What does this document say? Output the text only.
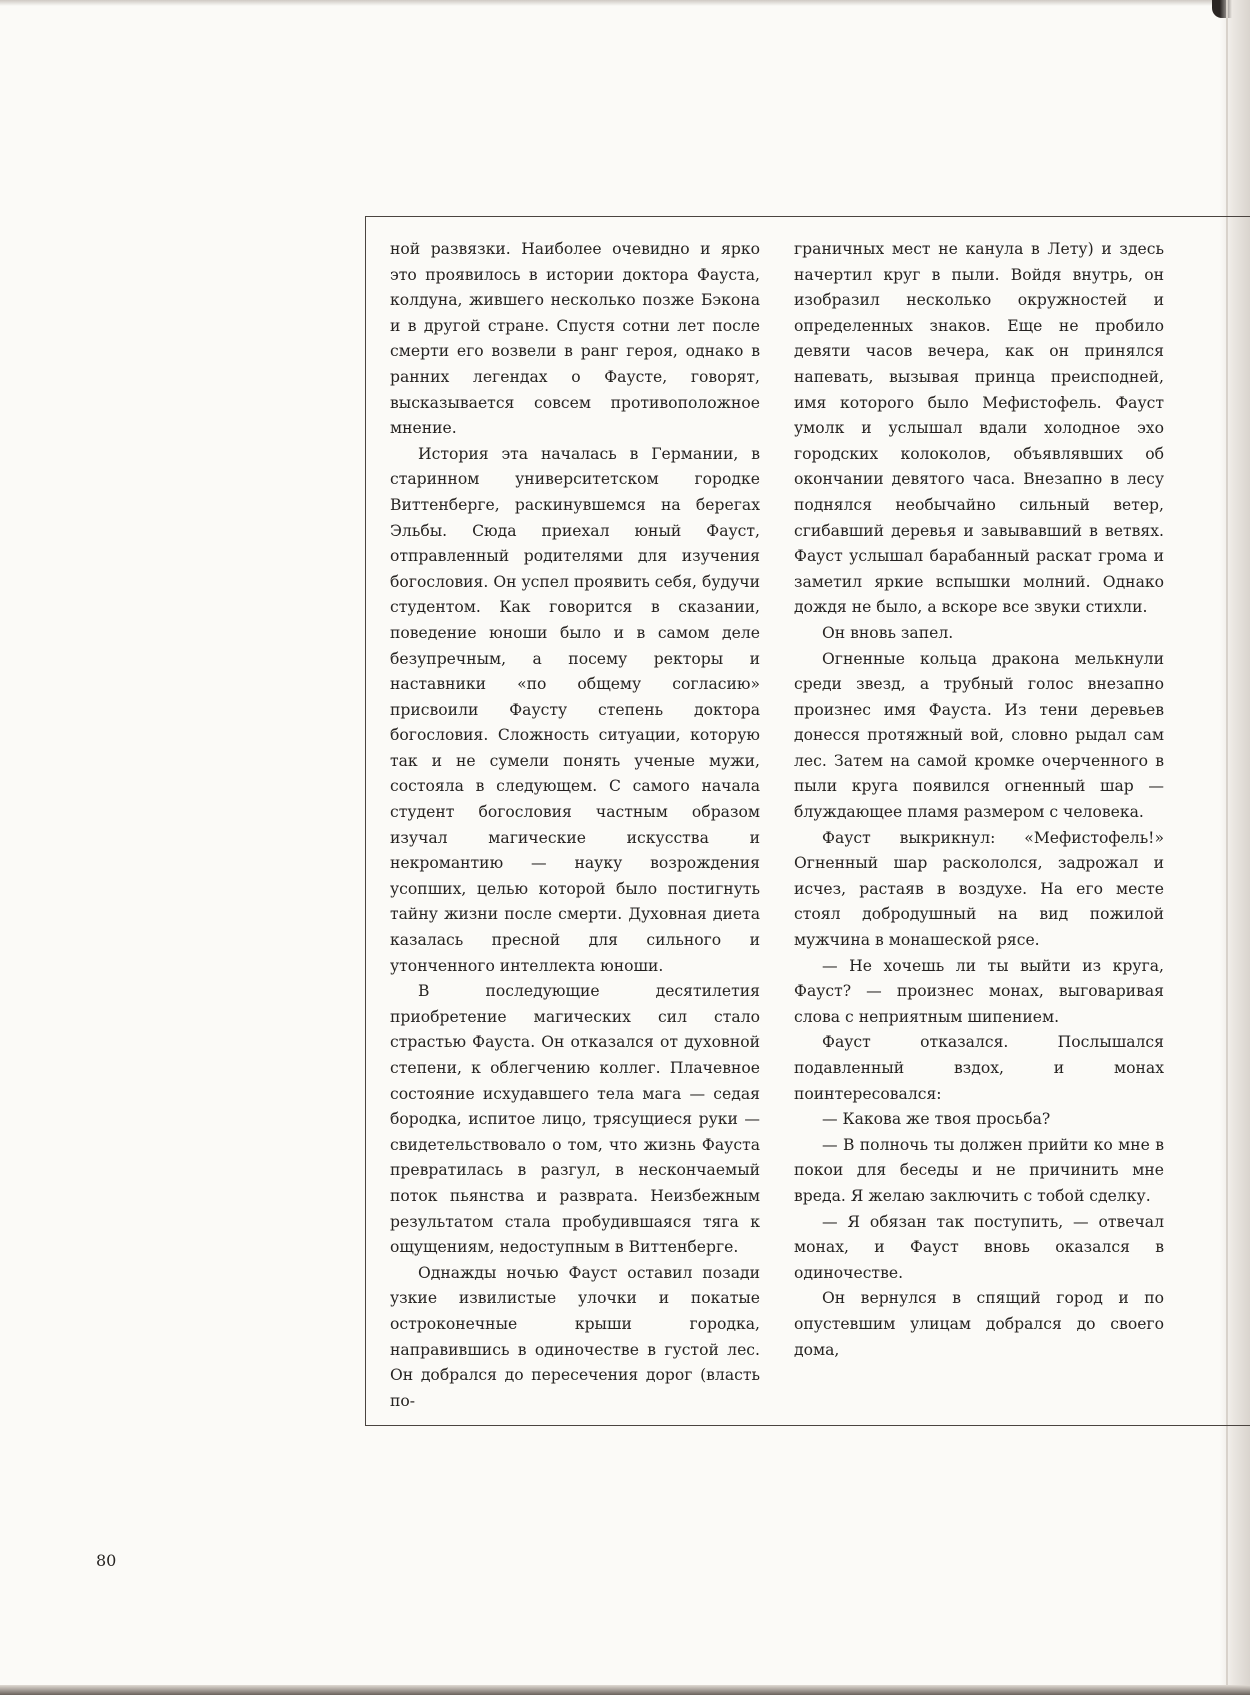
ной развязки. Наиболее очевидно и ярко это проявилось в истории доктора Фауста, колдуна, жившего несколько позже Бэкона и в другой стране. Спустя сотни лет после смерти его возвели в ранг героя, однако в ранних легендах о Фаусте, говорят, высказывается совсем противоположное мнение.

История эта началась в Германии, в старинном университетском городке Виттенберге, раскинувшемся на берегах Эльбы. Сюда приехал юный Фауст, отправленный родителями для изучения богословия. Он успел проявить себя, будучи студентом. Как говорится в сказании, поведение юноши было и в самом деле безупречным, а посему ректоры и наставники «по общему согласию» присвоили Фаусту степень доктора богословия. Сложность ситуации, которую так и не сумели понять ученые мужи, состояла в следующем. С самого начала студент богословия частным образом изучал магические искусства и некромантию — науку возрождения усопших, целью которой было постигнуть тайну жизни после смерти. Духовная диета казалась пресной для сильного и утонченного интеллекта юноши.

В последующие десятилетия приобретение магических сил стало страстью Фауста. Он отказался от духовной степени, к облегчению коллег. Плачевное состояние исхудавшего тела мага — седая бородка, испитое лицо, трясущиеся руки — свидетельствовало о том, что жизнь Фауста превратилась в разгул, в нескончаемый поток пьянства и разврата. Неизбежным результатом стала пробудившаяся тяга к ощущениям, недоступным в Виттенберге.

Однажды ночью Фауст оставил позади узкие извилистые улочки и покатые остроконечные крыши городка, направившись в одиночестве в густой лес. Он добрался до пересечения дорог (власть по-

граничных мест не канула в Лету) и здесь начертил круг в пыли. Войдя внутрь, он изобразил несколько окружностей и определенных знаков. Еще не пробило девяти часов вечера, как он принялся напевать, вызывая принца преисподней, имя которого было Мефистофель. Фауст умолк и услышал вдали холодное эхо городских колоколов, объявлявших об окончании девятого часа. Внезапно в лесу поднялся необычайно сильный ветер, сгибавший деревья и завывавший в ветвях. Фауст услышал барабанный раскат грома и заметил яркие вспышки молний. Однако дождя не было, а вскоре все звуки стихли.

Он вновь запел.

Огненные кольца дракона мелькнули среди звезд, а трубный голос внезапно произнес имя Фауста. Из тени деревьев донесся протяжный вой, словно рыдал сам лес. Затем на самой кромке очерченного в пыли круга появился огненный шар — блуждающее пламя размером с человека.

Фауст выкрикнул: «Мефистофель!» Огненный шар раскололся, задрожал и исчез, растаяв в воздухе. На его месте стоял добродушный на вид пожилой мужчина в монашеской рясе.

— Не хочешь ли ты выйти из круга, Фауст? — произнес монах, выговаривая слова с неприятным шипением.

Фауст отказался. Послышался подавленный вздох, и монах поинтересовался:

— Какова же твоя просьба?

— В полночь ты должен прийти ко мне в покои для беседы и не причинить мне вреда. Я желаю заключить с тобой сделку.

— Я обязан так поступить, — отвечал монах, и Фауст вновь оказался в одиночестве.

Он вернулся в спящий город и по опустевшим улицам добрался до своего дома,

80
